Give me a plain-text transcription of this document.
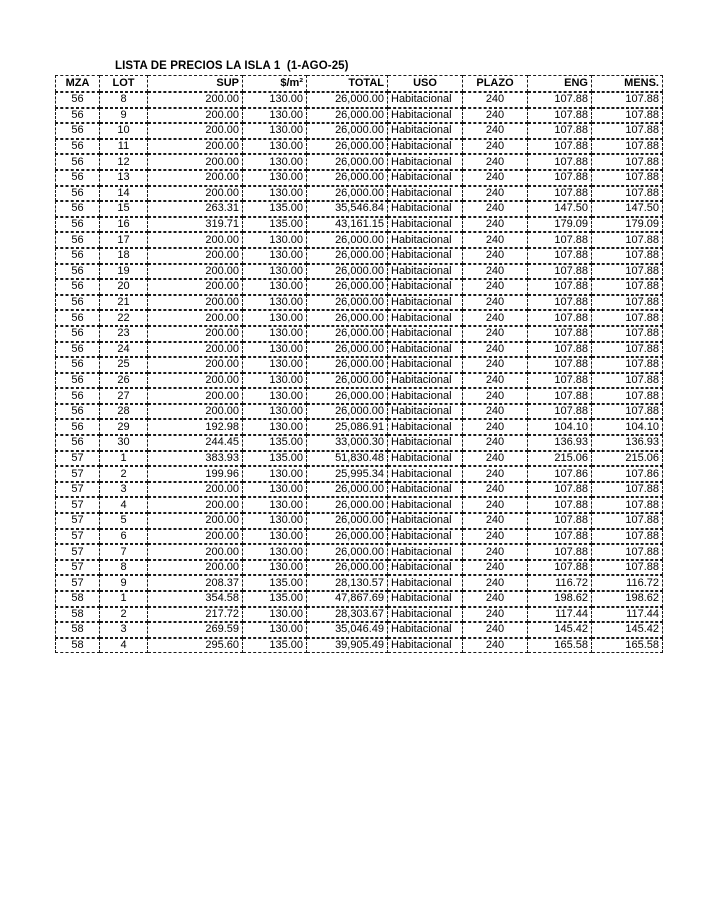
LISTA DE PRECIOS LA ISLA 1  (1-AGO-25)
MZA	LOT	SUP	$/m²	TOTAL	USO	PLAZO	ENG	MENS.
56	8	200.00	130.00	26,000.00	Habitacional	240	107.88	107.88
56	9	200.00	130.00	26,000.00	Habitacional	240	107.88	107.88
56	10	200.00	130.00	26,000.00	Habitacional	240	107.88	107.88
56	11	200.00	130.00	26,000.00	Habitacional	240	107.88	107.88
56	12	200.00	130.00	26,000.00	Habitacional	240	107.88	107.88
56	13	200.00	130.00	26,000.00	Habitacional	240	107.88	107.88
56	14	200.00	130.00	26,000.00	Habitacional	240	107.88	107.88
56	15	263.31	135.00	35,546.84	Habitacional	240	147.50	147.50
56	16	319.71	135.00	43,161.15	Habitacional	240	179.09	179.09
56	17	200.00	130.00	26,000.00	Habitacional	240	107.88	107.88
56	18	200.00	130.00	26,000.00	Habitacional	240	107.88	107.88
56	19	200.00	130.00	26,000.00	Habitacional	240	107.88	107.88
56	20	200.00	130.00	26,000.00	Habitacional	240	107.88	107.88
56	21	200.00	130.00	26,000.00	Habitacional	240	107.88	107.88
56	22	200.00	130.00	26,000.00	Habitacional	240	107.88	107.88
56	23	200.00	130.00	26,000.00	Habitacional	240	107.88	107.88
56	24	200.00	130.00	26,000.00	Habitacional	240	107.88	107.88
56	25	200.00	130.00	26,000.00	Habitacional	240	107.88	107.88
56	26	200.00	130.00	26,000.00	Habitacional	240	107.88	107.88
56	27	200.00	130.00	26,000.00	Habitacional	240	107.88	107.88
56	28	200.00	130.00	26,000.00	Habitacional	240	107.88	107.88
56	29	192.98	130.00	25,086.91	Habitacional	240	104.10	104.10
56	30	244.45	135.00	33,000.30	Habitacional	240	136.93	136.93
57	1	383.93	135.00	51,830.48	Habitacional	240	215.06	215.06
57	2	199.96	130.00	25,995.34	Habitacional	240	107.86	107.86
57	3	200.00	130.00	26,000.00	Habitacional	240	107.88	107.88
57	4	200.00	130.00	26,000.00	Habitacional	240	107.88	107.88
57	5	200.00	130.00	26,000.00	Habitacional	240	107.88	107.88
57	6	200.00	130.00	26,000.00	Habitacional	240	107.88	107.88
57	7	200.00	130.00	26,000.00	Habitacional	240	107.88	107.88
57	8	200.00	130.00	26,000.00	Habitacional	240	107.88	107.88
57	9	208.37	135.00	28,130.57	Habitacional	240	116.72	116.72
58	1	354.58	135.00	47,867.69	Habitacional	240	198.62	198.62
58	2	217.72	130.00	28,303.67	Habitacional	240	117.44	117.44
58	3	269.59	130.00	35,046.49	Habitacional	240	145.42	145.42
58	4	295.60	135.00	39,905.49	Habitacional	240	165.58	165.58
